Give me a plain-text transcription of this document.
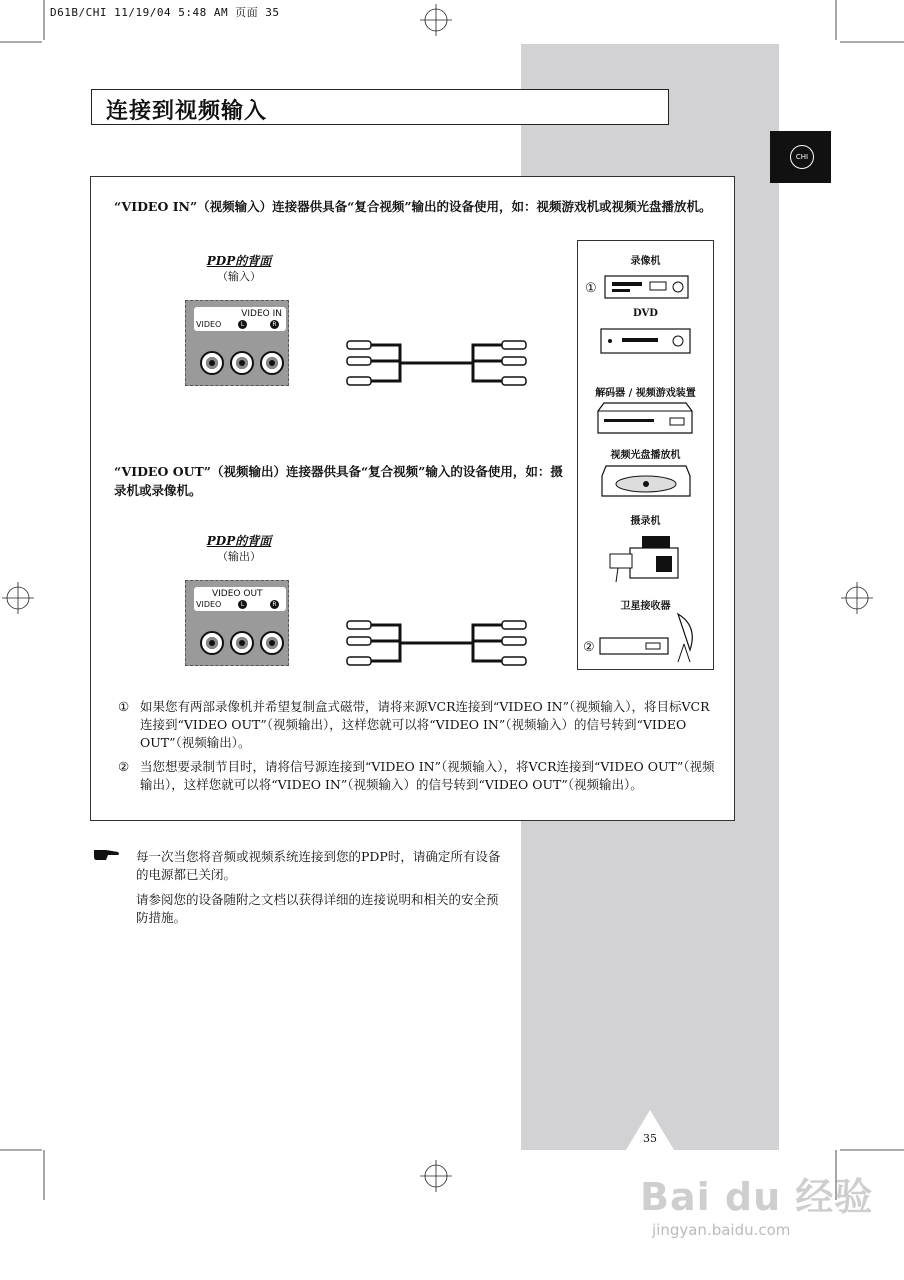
D61B/CHI 11/19/04 5:48 AM 页面 35
连接到视频输入
CHI
“VIDEO IN”（视频输入）连接器供具备“复合视频”输出的设备使用，如：视频游戏机或视频光盘播放机。
PDP的背面
（输入）
VIDEO IN
VIDEO	L	R
“VIDEO OUT”（视频输出）连接器供具备“复合视频”输入的设备使用，如：摄录机或录像机。
PDP的背面
（输出）
VIDEO OUT
VIDEO	L	R
录像机
①
DVD
解码器 / 视频游戏装置
视频光盘播放机
摄录机
卫星接收器
②
① 如果您有两部录像机并希望复制盒式磁带，请将来源VCR连接到“VIDEO IN”（视频输入），将目标VCR连接到“VIDEO OUT”（视频输出），这样您就可以将“VIDEO IN”（视频输入）的信号转到“VIDEO OUT”（视频输出）。
② 当您想要录制节目时，请将信号源连接到“VIDEO IN”（视频输入），将VCR连接到“VIDEO OUT”（视频输出），这样您就可以将“VIDEO IN”（视频输入）的信号转到“VIDEO OUT”（视频输出）。
每一次当您将音频或视频系统连接到您的PDP时，请确定所有设备的电源都已关闭。
请参阅您的设备随附之文档以获得详细的连接说明和相关的安全预防措施。
35
Bai du 经验
jingyan.baidu.com
